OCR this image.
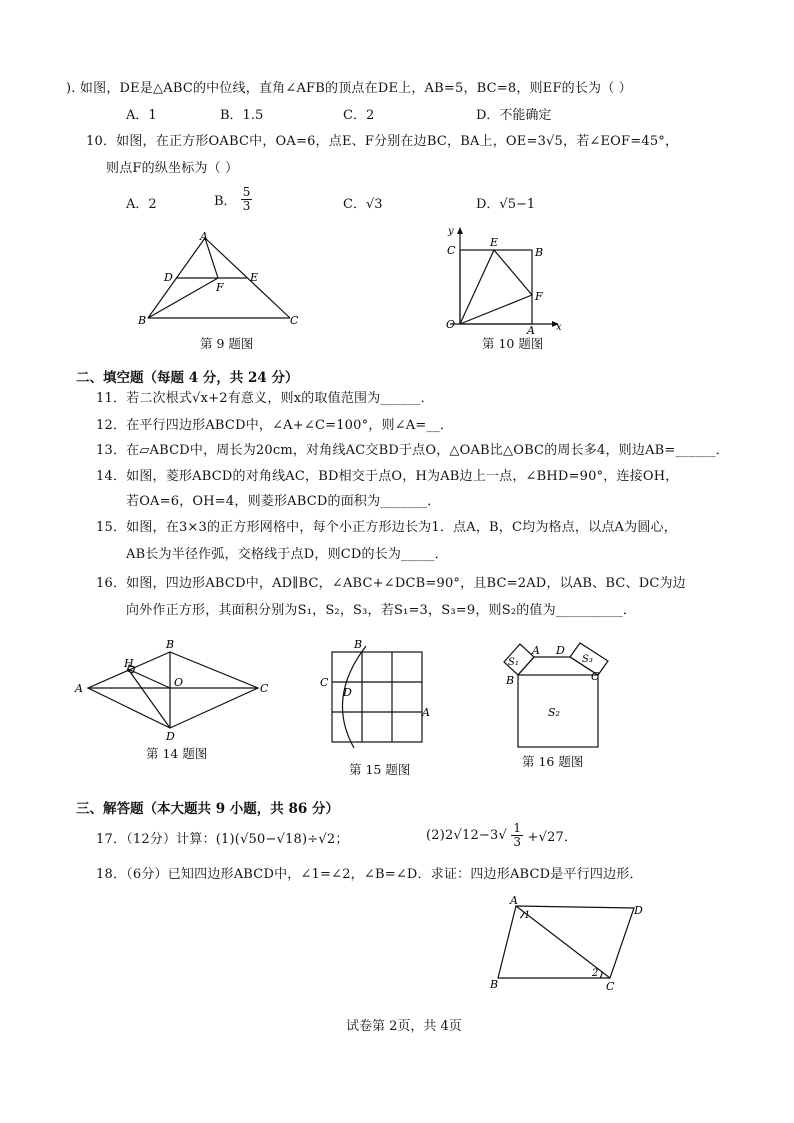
). 如图，DE是△ABC的中位线，直角∠AFB的顶点在DE上，AB=5，BC=8，则EF的长为（ ）
A．1	B．1.5	C．2	D．不能确定
10．如图，在正方形OABC中，OA=6，点E、F分别在边BC，BA上，OE=3√5，若∠EOF=45°，
则点F的纵坐标为（ ）
A．2	B． $\frac{5}{3}$	C．√3	D．√5−1
A
B	C
D	E
F
第 9 题图
y
x
C
E
B
F
O	A
第 10 题图
二、填空题（每题 4 分，共 24 分）
11．若二次根式√x+2有意义，则x的取值范围为______．
12．在平行四边形ABCD中，∠A+∠C=100°，则∠A=__．
13．在▱ABCD中，周长为20cm，对角线AC交BD于点O，△OAB比△OBC的周长多4，则边AB=______．
14．如图，菱形ABCD的对角线AC，BD相交于点O，H为AB边上一点，∠BHD=90°，连接OH，
若OA=6，OH=4，则菱形ABCD的面积为_______．
15．如图，在3×3的正方形网格中，每个小正方形边长为1．点A，B，C均为格点，以点A为圆心，
AB长为半径作弧，交格线于点D，则CD的长为_____．
16．如图，四边形ABCD中，AD∥BC，∠ABC+∠DCB=90°，且BC=2AD，以AB、BC、DC为边
向外作正方形，其面积分别为S₁，S₂，S₃，若S₁=3，S₃=9，则S₂的值为__________．
A
B
C
D
H
O
第 14 题图
B
C
D
A
第 15 题图
S₁	S₃
S₂
A D
B	C
第 16 题图
三、解答题（本大题共 9 小题，共 86 分）
17．（12分）计算：(1)(√50−√18)÷√2；	$(2)2√12-3√ \frac{1}{3} +√27$．
18．（6分）已知四边形ABCD中，∠1=∠2，∠B=∠D．求证：四边形ABCD是平行四边形．
A
D
B	C
1
2
试卷第 2页，共 4页
